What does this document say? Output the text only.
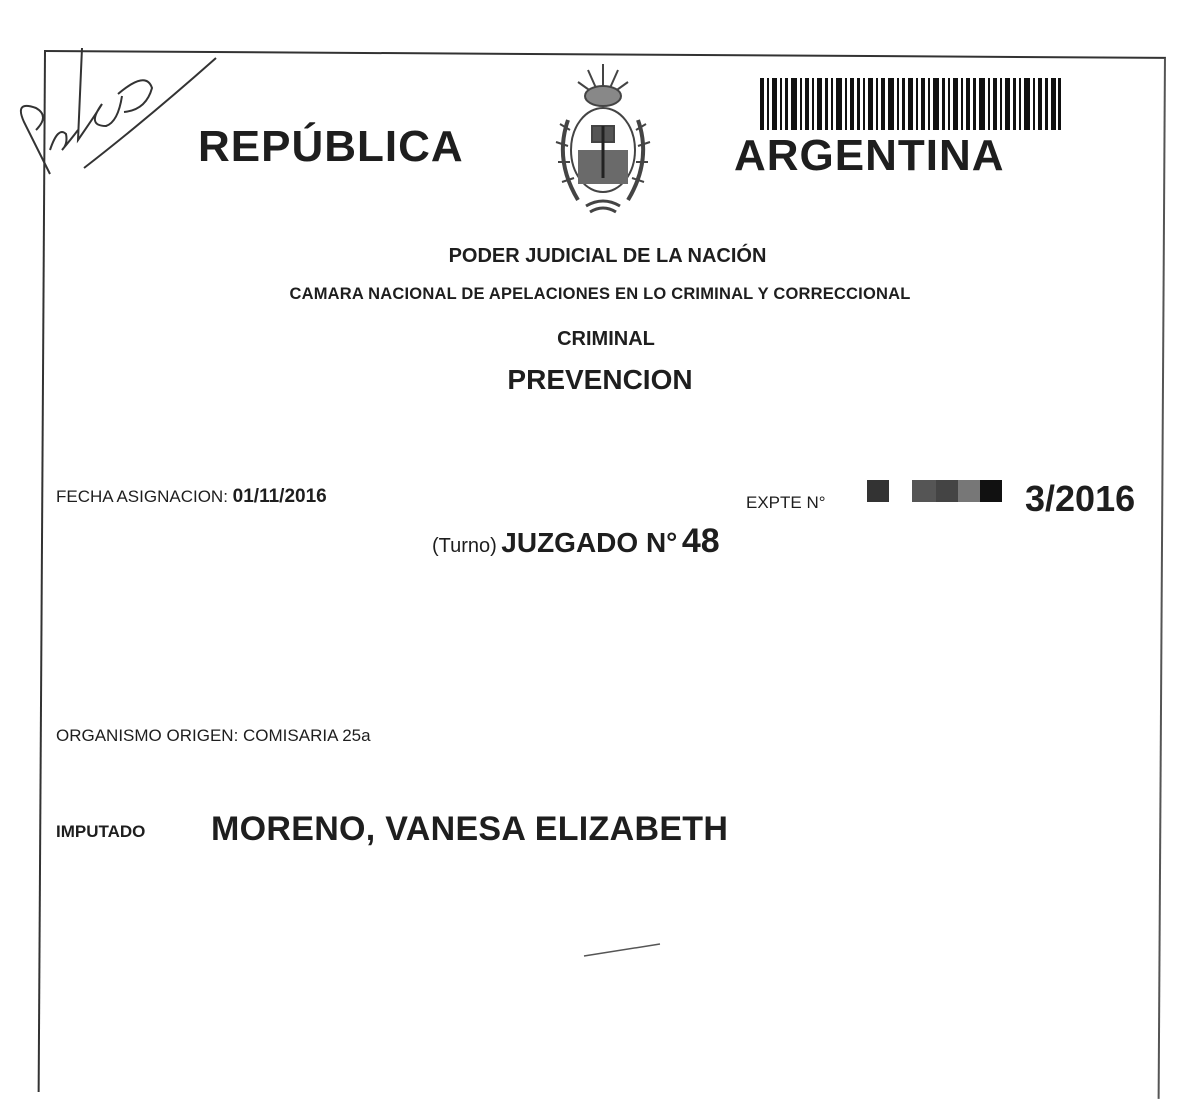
REPÚBLICA	ARGENTINA
PODER JUDICIAL DE LA NACIÓN
CAMARA NACIONAL DE APELACIONES EN LO CRIMINAL Y CORRECCIONAL
CRIMINAL
PREVENCION
FECHA ASIGNACION: 01/11/2016	EXPTE N°	3/2016
(Turno) JUZGADO N° 48
ORGANISMO ORIGEN: COMISARIA 25a
IMPUTADO MORENO, VANESA ELIZABETH
